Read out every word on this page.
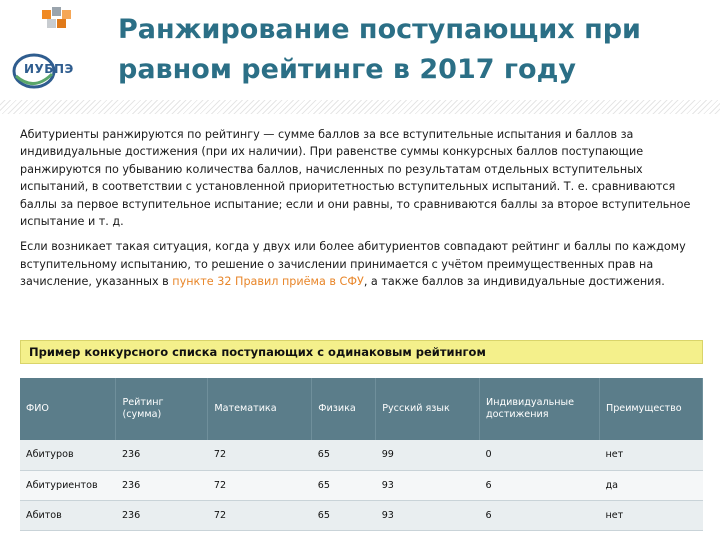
ИУБПЭ
Ранжирование поступающих при равном рейтинге в 2017 году

Абитуриенты ранжируются по рейтингу — сумме баллов за все вступительные испытания и баллов за индивидуальные достижения (при их наличии). При равенстве суммы конкурсных баллов поступающие ранжируются по убыванию количества баллов, начисленных по результатам отдельных вступительных испытаний, в соответствии с установленной приоритетностью вступительных испытаний. Т. е. сравниваются баллы за первое вступительное испытание; если и они равны, то сравниваются баллы за второе вступительное испытание и т. д.

Если возникает такая ситуация, когда у двух или более абитуриентов совпадают рейтинг и баллы по каждому вступительному испытанию, то решение о зачислении принимается с учётом преимущественных прав на зачисление, указанных в пункте 32 Правил приёма в СФУ, а также баллов за индивидуальные достижения.

Пример конкурсного списка поступающих с одинаковым рейтингом
ФИО	Рейтинг (сумма)	Математика	Физика	Русский язык	Индивидуальные достижения	Преимущество
Абитуров	236	72	65	99	0	нет
Абитуриентов	236	72	65	93	6	да
Абитов	236	72	65	93	6	нет
